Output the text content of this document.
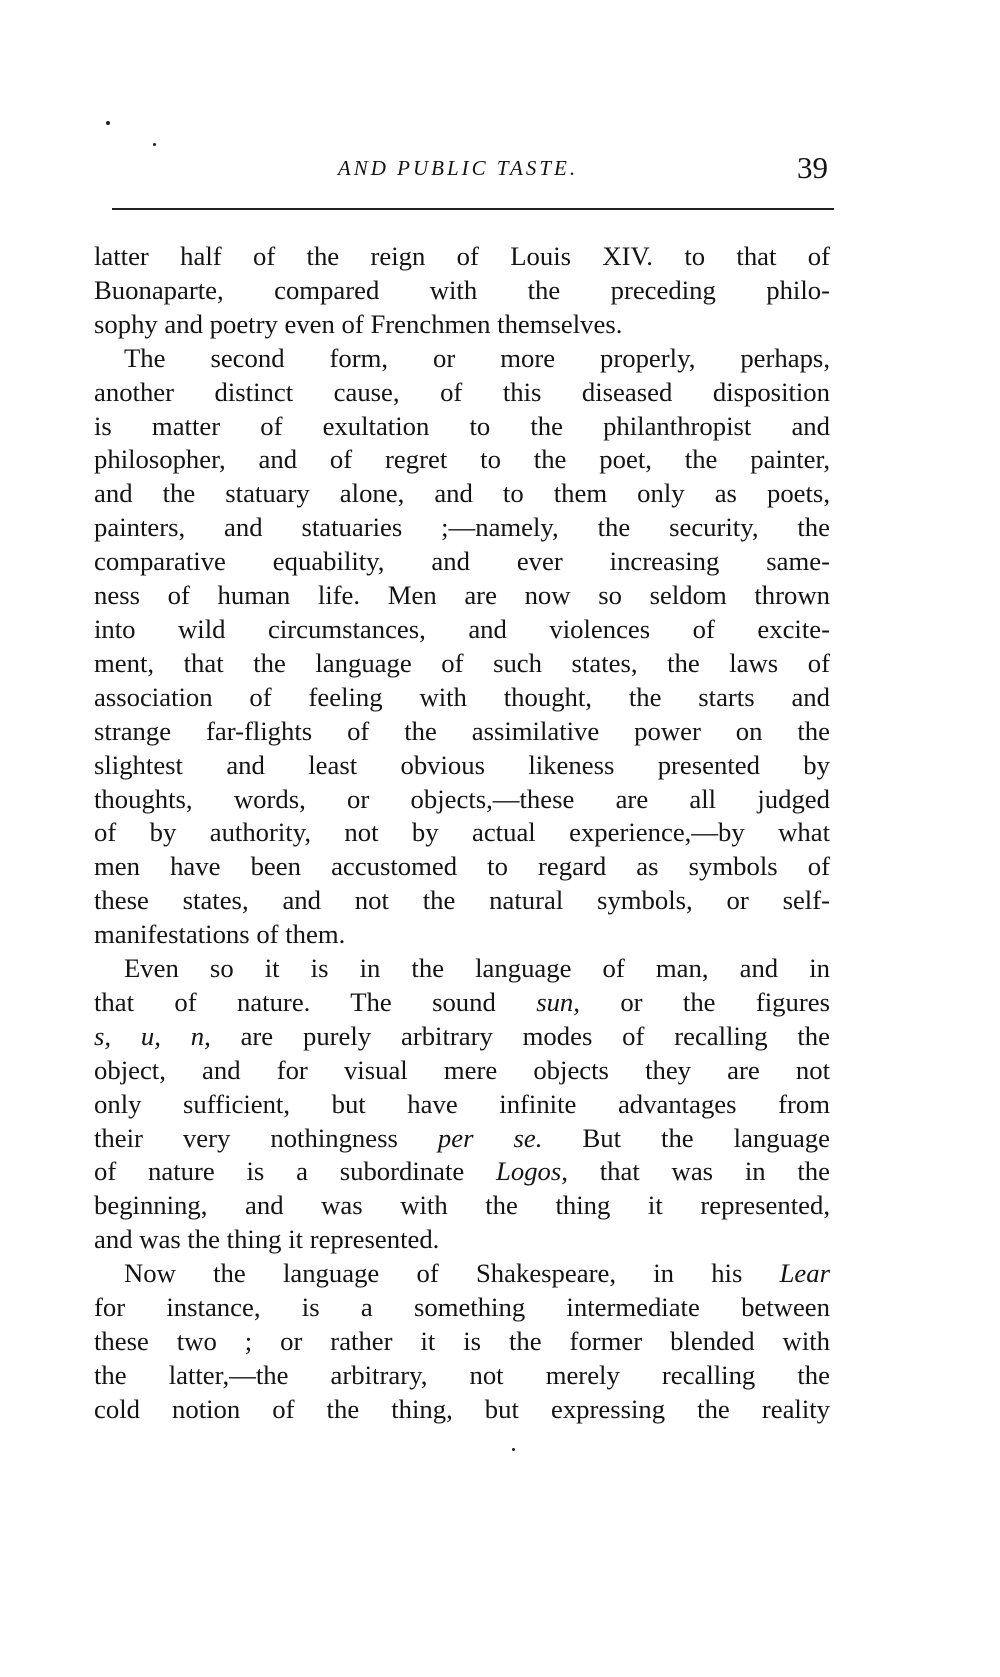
AND PUBLIC TASTE.	39
latter half of the reign of Louis XIV. to that of
Buonaparte, compared with the preceding philo-
sophy and poetry even of Frenchmen themselves.
The second form, or more properly, perhaps,
another distinct cause, of this diseased disposition
is matter of exultation to the philanthropist and
philosopher, and of regret to the poet, the painter,
and the statuary alone, and to them only as poets,
painters, and statuaries ;—namely, the security, the
comparative equability, and ever increasing same-
ness of human life. Men are now so seldom thrown
into wild circumstances, and violences of excite-
ment, that the language of such states, the laws of
association of feeling with thought, the starts and
strange far-flights of the assimilative power on the
slightest and least obvious likeness presented by
thoughts, words, or objects,—these are all judged
of by authority, not by actual experience,—by what
men have been accustomed to regard as symbols of
these states, and not the natural symbols, or self-
manifestations of them.
Even so it is in the language of man, and in
that of nature. The sound sun, or the figures
s, u, n, are purely arbitrary modes of recalling the
object, and for visual mere objects they are not
only sufficient, but have infinite advantages from
their very nothingness per se. But the language
of nature is a subordinate Logos, that was in the
beginning, and was with the thing it represented,
and was the thing it represented.
Now the language of Shakespeare, in his Lear
for instance, is a something intermediate between
these two ; or rather it is the former blended with
the latter,—the arbitrary, not merely recalling the
cold notion of the thing, but expressing the reality
